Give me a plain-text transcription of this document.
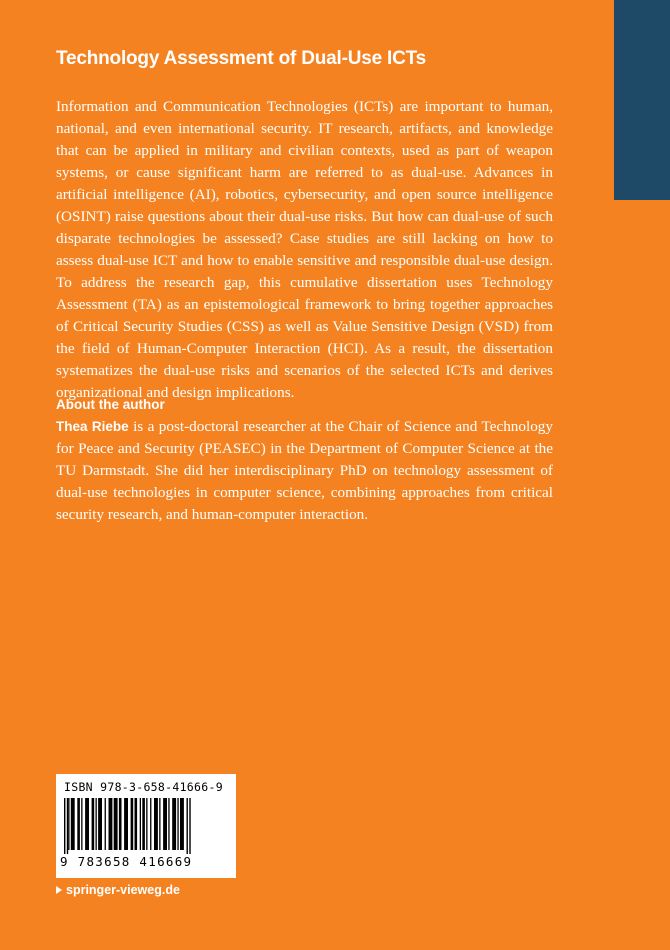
Technology Assessment of Dual-Use ICTs

Information and Communication Technologies (ICTs) are important to human, national, and even international security. IT research, artifacts, and knowledge that can be applied in military and civilian contexts, used as part of weapon systems, or cause significant harm are referred to as dual-use. Advances in artificial intelligence (AI), robotics, cybersecurity, and open source intelligence (OSINT) raise questions about their dual-use risks. But how can dual-use of such disparate technologies be assessed? Case studies are still lacking on how to assess dual-use ICT and how to enable sensitive and responsible dual-use design. To address the research gap, this cumulative dissertation uses Technology Assessment (TA) as an epistemological framework to bring together approaches of Critical Security Studies (CSS) as well as Value Sensitive Design (VSD) from the field of Human-Computer Interaction (HCI). As a result, the dissertation systematizes the dual-use risks and scenarios of the selected ICTs and derives organizational and design implications.

About the author

Thea Riebe is a post-doctoral researcher at the Chair of Science and Technology for Peace and Security (PEASEC) in the Department of Computer Science at the TU Darmstadt. She did her interdisciplinary PhD on technology assessment of dual-use technologies in computer science, combining approaches from critical security research, and human-computer interaction.

ISBN 978-3-658-41666-9
9 783658 416669
springer-vieweg.de
